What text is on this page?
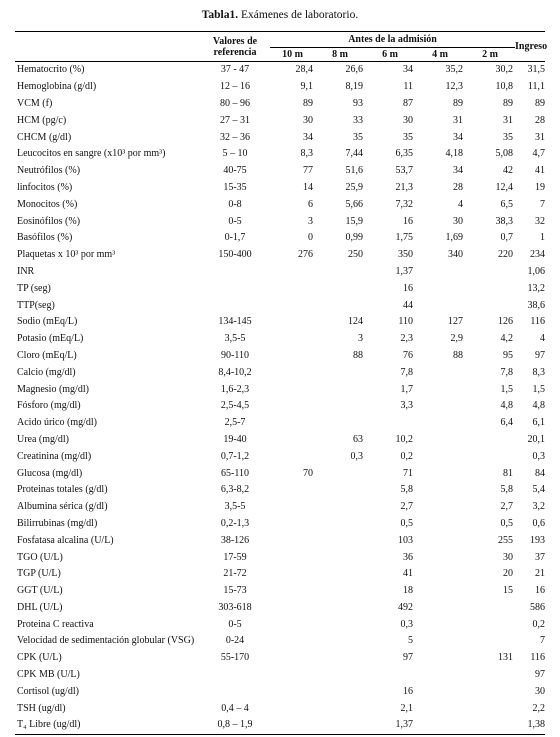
Tabla1. Exámenes de laboratorio.
	Valores de referencia	Antes de la admisión					Ingreso
		10 m	8 m	6 m	4 m	2 m	
Hematocrito (%)	37 - 47	28,4	26,6	34	35,2	30,2	31,5
Hemoglobina (g/dl)	12 – 16	9,1	8,19	11	12,3	10,8	11,1
VCM (f)	80 – 96	89	93	87	89	89	89
HCM (pg/c)	27 – 31	30	33	30	31	31	28
CHCM (g/dl)	32 – 36	34	35	35	34	35	31
Leucocitos en sangre (x10³ por mm³)	5 – 10	8,3	7,44	6,35	4,18	5,08	4,7
Neutrófilos (%)	40-75	77	51,6	53,7	34	42	41
linfocitos (%)	15-35	14	25,9	21,3	28	12,4	19
Monocitos (%)	0-8	6	5,66	7,32	4	6,5	7
Eosinófilos (%)	0-5	3	15,9	16	30	38,3	32
Basófilos (%)	0-1,7	0	0,99	1,75	1,69	0,7	1
Plaquetas x 10³ por mm³	150-400	276	250	350	340	220	234
INR				1,37			1,06
TP (seg)				16			13,2
TTP(seg)				44			38,6
Sodio (mEq/L)	134-145		124	110	127	126	116
Potasio (mEq/L)	3,5-5		3	2,3	2,9	4,2	4
Cloro (mEq/L)	90-110		88	76	88	95	97
Calcio (mg/dl)	8,4-10,2			7,8		7,8	8,3
Magnesio (mg/dl)	1,6-2,3			1,7		1,5	1,5
Fósforo (mg/dl)	2,5-4,5			3,3		4,8	4,8
Acido úrico (mg/dl)	2,5-7					6,4	6,1
Urea (mg/dl)	19-40		63	10,2			20,1
Creatinina (mg/dl)	0,7-1,2		0,3	0,2			0,3
Glucosa (mg/dl)	65-110	70		71		81	84
Proteinas totales (g/dl)	6,3-8,2			5,8		5,8	5,4
Albumina sérica (g/dl)	3,5-5			2,7		2,7	3,2
Bilirrubinas (mg/dl)	0,2-1,3			0,5		0,5	0,6
Fosfatasa alcalina (U/L)	38-126			103		255	193
TGO (U/L)	17-59			36		30	37
TGP (U/L)	21-72			41		20	21
GGT (U/L)	15-73			18		15	16
DHL (U/L)	303-618			492			586
Proteina C reactiva	0-5			0,3			0,2
Velocidad de sedimentación globular (VSG)	0-24			5			7
CPK (U/L)	55-170			97		131	116
CPK MB (U/L)							97
Cortisol (ug/dl)				16			30
TSH (ug/dl)	0,4 – 4			2,1			2,2
T₄ Libre (ug/dl)	0,8 – 1,9			1,37			1,38
